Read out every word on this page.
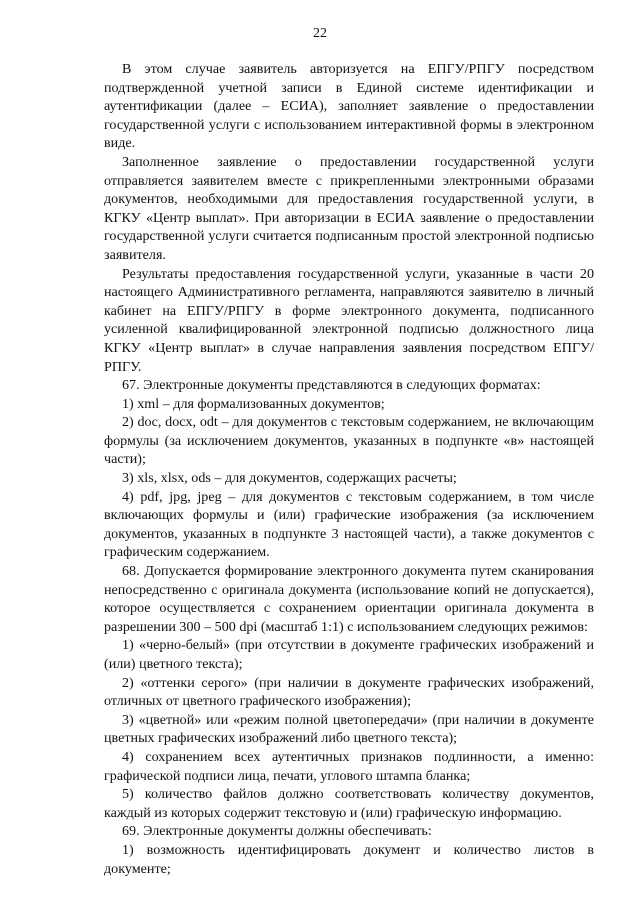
22

В этом случае заявитель авторизуется на ЕПГУ/РПГУ посредством подтвержденной учетной записи в Единой системе идентификации и аутентификации (далее – ЕСИА), заполняет заявление о предоставлении государственной услуги с использованием интерактивной формы в электронном виде.

Заполненное заявление о предоставлении государственной услуги отправляется заявителем вместе с прикрепленными электронными образами документов, необходимыми для предоставления государственной услуги, в КГКУ «Центр выплат». При авторизации в ЕСИА заявление о предоставлении государственной услуги считается подписанным простой электронной подписью заявителя.

Результаты предоставления государственной услуги, указанные в части 20 настоящего Административного регламента, направляются заявителю в личный кабинет на ЕПГУ/РПГУ в форме электронного документа, подписанного усиленной квалифицированной электронной подписью должностного лица КГКУ «Центр выплат» в случае направления заявления посредством ЕПГУ/РПГУ.

67. Электронные документы представляются в следующих форматах:

1) xml – для формализованных документов;

2) doc, docx, odt – для документов с текстовым содержанием, не включающим формулы (за исключением документов, указанных в подпункте «в» настоящей части);

3) xls, xlsx, ods – для документов, содержащих расчеты;

4) pdf, jpg, jpeg – для документов с текстовым содержанием, в том числе включающих формулы и (или) графические изображения (за исключением документов, указанных в подпункте 3 настоящей части), а также документов с графическим содержанием.

68. Допускается формирование электронного документа путем сканирования непосредственно с оригинала документа (использование копий не допускается), которое осуществляется с сохранением ориентации оригинала документа в разрешении 300 – 500 dpi (масштаб 1:1) с использованием следующих режимов:

1) «черно-белый» (при отсутствии в документе графических изображений и (или) цветного текста);

2) «оттенки серого» (при наличии в документе графических изображений, отличных от цветного графического изображения);

3) «цветной» или «режим полной цветопередачи» (при наличии в документе цветных графических изображений либо цветного текста);

4) сохранением всех аутентичных признаков подлинности, а именно: графической подписи лица, печати, углового штампа бланка;

5) количество файлов должно соответствовать количеству документов, каждый из которых содержит текстовую и (или) графическую информацию.

69. Электронные документы должны обеспечивать:

1) возможность идентифицировать документ и количество листов в документе;
